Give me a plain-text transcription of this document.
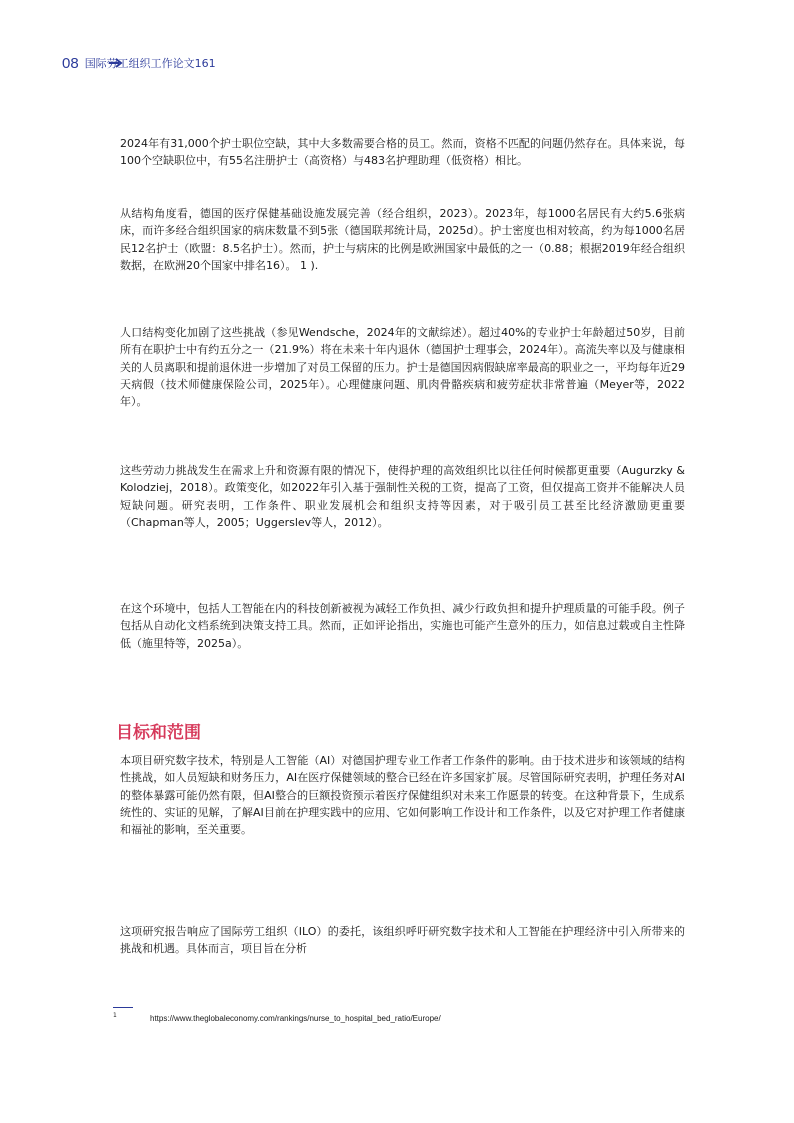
08 国际劳工组织工作论文161

2024年有31,000个护士职位空缺，其中大多数需要合格的员工。然而，资格不匹配的问题仍然存在。具体来说，每100个空缺职位中，有55名注册护士（高资格）与483名护理助理（低资格）相比。

从结构角度看，德国的医疗保健基础设施发展完善（经合组织，2023）。2023年，每1000名居民有大约5.6张病床，而许多经合组织国家的病床数量不到5张（德国联邦统计局，2025d）。护士密度也相对较高，约为每1000名居民12名护士（欧盟：8.5名护士）。然而，护士与病床的比例是欧洲国家中最低的之一（0.88；根据2019年经合组织数据，在欧洲20个国家中排名16）。 1 ).

人口结构变化加剧了这些挑战（参见Wendsche，2024年的文献综述）。超过40%的专业护士年龄超过50岁，目前所有在职护士中有约五分之一（21.9%）将在未来十年内退休（德国护士理事会，2024年）。高流失率以及与健康相关的人员离职和提前退休进一步增加了对员工保留的压力。护士是德国因病假缺席率最高的职业之一，平均每年近29天病假（技术师健康保险公司，2025年）。心理健康问题、肌肉骨骼疾病和疲劳症状非常普遍（Meyer等，2022年）。

这些劳动力挑战发生在需求上升和资源有限的情况下，使得护理的高效组织比以往任何时候都更重要（Augurzky & Kolodziej，2018）。政策变化，如2022年引入基于强制性关税的工资，提高了工资，但仅提高工资并不能解决人员短缺问题。研究表明，工作条件、职业发展机会和组织支持等因素，对于吸引员工甚至比经济激励更重要（Chapman等人，2005；Uggerslev等人，2012）。

在这个环境中，包括人工智能在内的科技创新被视为减轻工作负担、减少行政负担和提升护理质量的可能手段。例子包括从自动化文档系统到决策支持工具。然而，正如评论指出，实施也可能产生意外的压力，如信息过载或自主性降低（施里特等，2025a）。

目标和范围

本项目研究数字技术，特别是人工智能（AI）对德国护理专业工作者工作条件的影响。由于技术进步和该领域的结构性挑战，如人员短缺和财务压力，AI在医疗保健领域的整合已经在许多国家扩展。尽管国际研究表明，护理任务对AI的整体暴露可能仍然有限，但AI整合的巨额投资预示着医疗保健组织对未来工作愿景的转变。在这种背景下，生成系统性的、实证的见解，了解AI目前在护理实践中的应用、它如何影响工作设计和工作条件，以及它对护理工作者健康和福祉的影响，至关重要。

这项研究报告响应了国际劳工组织（ILO）的委托，该组织呼吁研究数字技术和人工智能在护理经济中引入所带来的挑战和机遇。具体而言，项目旨在分析

1	https://www.theglobaleconomy.com/rankings/nurse_to_hospital_bed_ratio/Europe/
